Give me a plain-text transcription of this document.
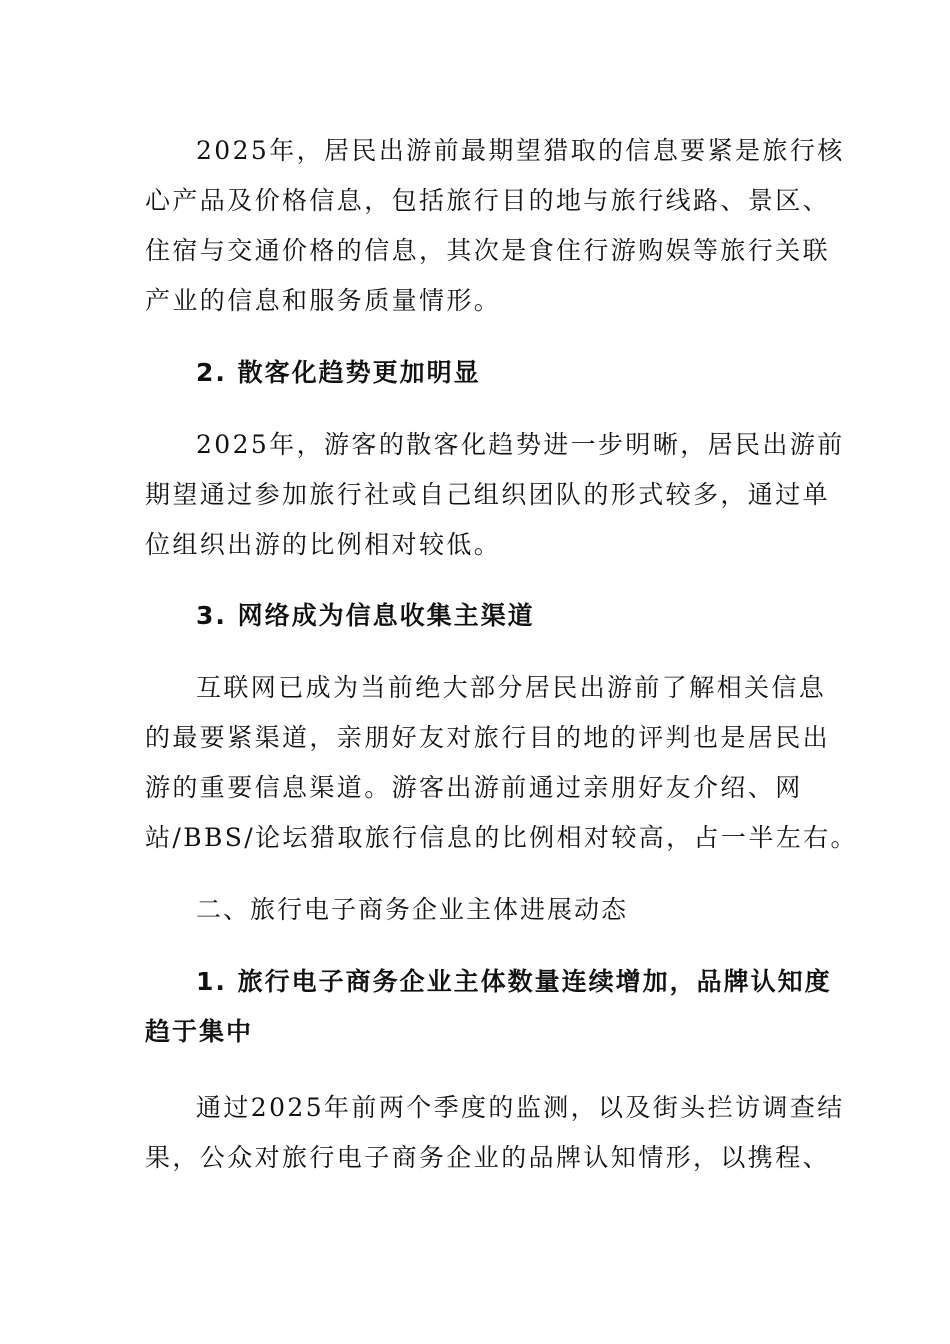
2025年，居民出游前最期望猎取的信息要紧是旅行核
心产品及价格信息，包括旅行目的地与旅行线路、景区、
住宿与交通价格的信息，其次是食住行游购娱等旅行关联
产业的信息和服务质量情形。
2. 散客化趋势更加明显
2025年，游客的散客化趋势进一步明晰，居民出游前
期望通过参加旅行社或自己组织团队的形式较多，通过单
位组织出游的比例相对较低。
3. 网络成为信息收集主渠道
互联网已成为当前绝大部分居民出游前了解相关信息
的最要紧渠道，亲朋好友对旅行目的地的评判也是居民出
游的重要信息渠道。游客出游前通过亲朋好友介绍、网
站/BBS/论坛猎取旅行信息的比例相对较高，占一半左右。
二、旅行电子商务企业主体进展动态
1. 旅行电子商务企业主体数量连续增加，品牌认知度
趋于集中
通过2025年前两个季度的监测，以及街头拦访调查结
果，公众对旅行电子商务企业的品牌认知情形，以携程、
